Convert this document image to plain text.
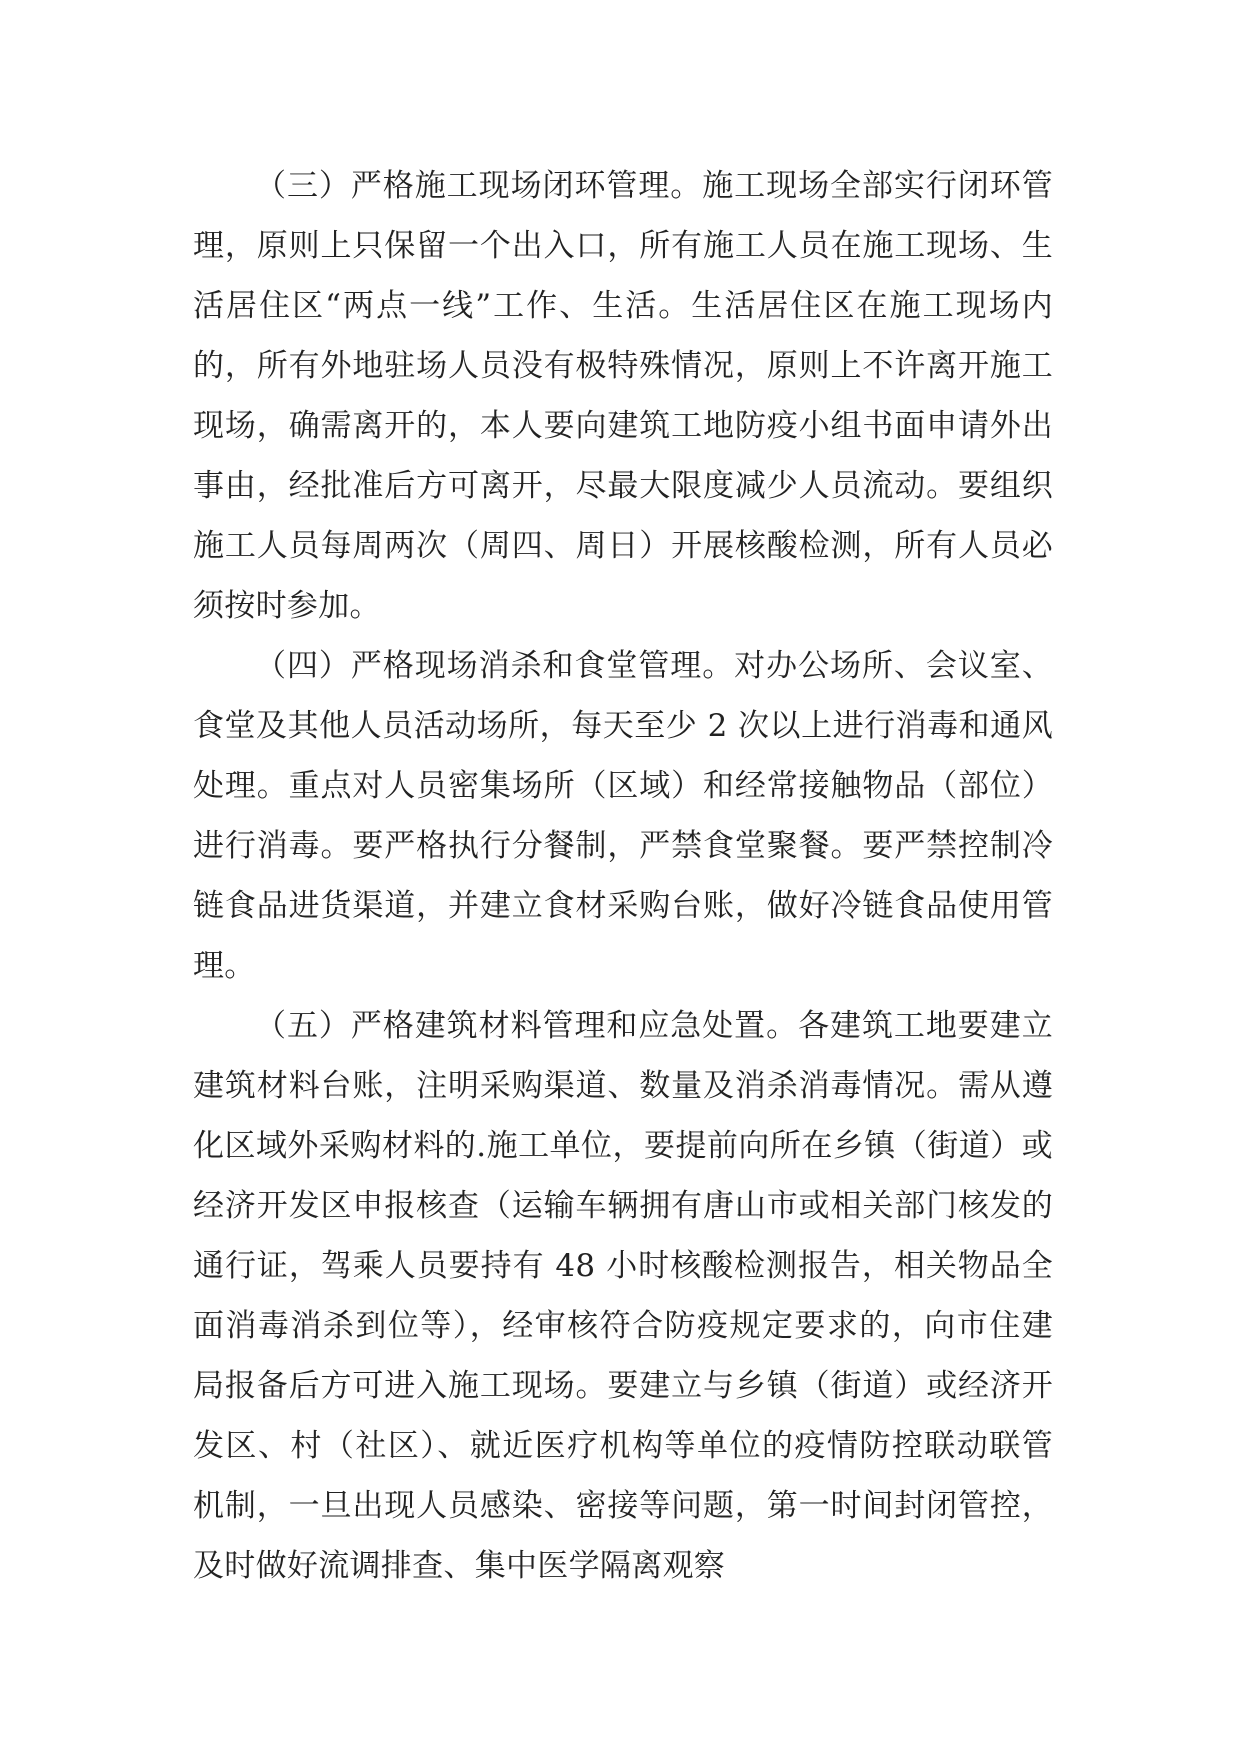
（三）严格施工现场闭环管理。施工现场全部实行闭环管理，原则上只保留一个出入口，所有施工人员在施工现场、生活居住区“两点一线”工作、生活。生活居住区在施工现场内的，所有外地驻场人员没有极特殊情况，原则上不许离开施工现场，确需离开的，本人要向建筑工地防疫小组书面申请外出事由，经批准后方可离开，尽最大限度减少人员流动。要组织施工人员每周两次（周四、周日）开展核酸检测，所有人员必须按时参加。

（四）严格现场消杀和食堂管理。对办公场所、会议室、食堂及其他人员活动场所，每天至少 2 次以上进行消毒和通风处理。重点对人员密集场所（区域）和经常接触物品（部位）进行消毒。要严格执行分餐制，严禁食堂聚餐。要严禁控制冷链食品进货渠道，并建立食材采购台账，做好冷链食品使用管理。

（五）严格建筑材料管理和应急处置。各建筑工地要建立建筑材料台账，注明采购渠道、数量及消杀消毒情况。需从遵化区域外采购材料的.施工单位，要提前向所在乡镇（街道）或经济开发区申报核查（运输车辆拥有唐山市或相关部门核发的通行证，驾乘人员要持有 48 小时核酸检测报告，相关物品全面消毒消杀到位等），经审核符合防疫规定要求的，向市住建局报备后方可进入施工现场。要建立与乡镇（街道）或经济开发区、村（社区）、就近医疗机构等单位的疫情防控联动联管机制，一旦出现人员感染、密接等问题，第一时间封闭管控，及时做好流调排查、集中医学隔离观察
